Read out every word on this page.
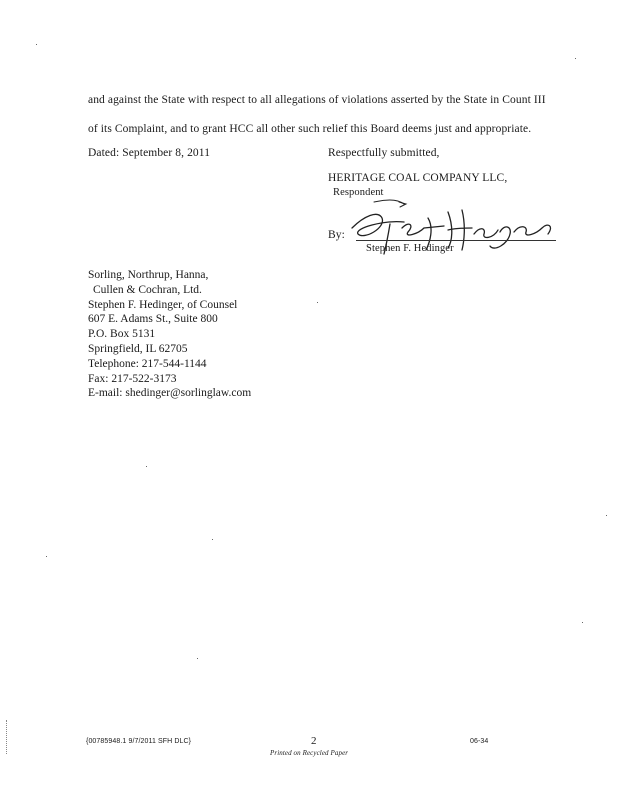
and against the State with respect to all allegations of violations asserted by the State in Count III
of its Complaint, and to grant HCC all other such relief this Board deems just and appropriate.
Dated: September 8, 2011	Respectfully submitted,
HERITAGE COAL COMPANY LLC,
Respondent
By:
Stephen F. Hedinger
Sorling, Northrup, Hanna,
Cullen & Cochran, Ltd.
Stephen F. Hedinger, of Counsel
607 E. Adams St., Suite 800
P.O. Box 5131
Springfield, IL 62705
Telephone: 217-544-1144
Fax: 217-522-3173
E-mail: shedinger@sorlinglaw.com
{00785948.1 9/7/2011 SFH DLC}	2
Printed on Recycled Paper
06-34
